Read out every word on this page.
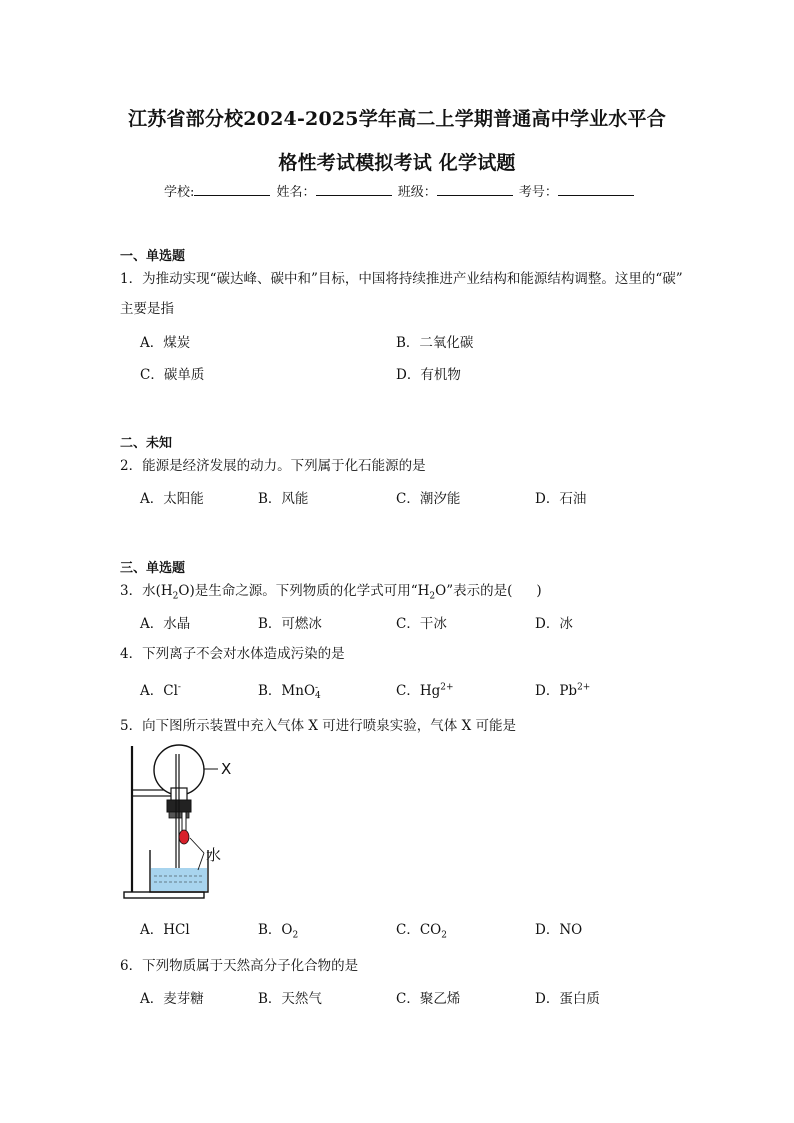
江苏省部分校2024-2025学年高二上学期普通高中学业水平合
格性考试模拟考试 化学试题
学校:	姓名：	班级：	考号：
一、单选题
1．为推动实现“碳达峰、碳中和”目标，中国将持续推进产业结构和能源结构调整。这里的“碳”
主要是指
A．煤炭	B．二氧化碳
C．碳单质	D．有机物
二、未知
2．能源是经济发展的动力。下列属于化石能源的是
A．太阳能	B．风能	C．潮汐能	D．石油
三、单选题
3．水$(H_2O)$是生命之源。下列物质的化学式可用“$H_2O$”表示的是( )
A．水晶	B．可燃冰	C．干冰	D．冰
4．下列离子不会对水体造成污染的是
A．Cl-	B．MnO -
4	C．$Hg^{2+}$	D．$Pb^{2+}$
5．向下图所示装置中充入气体 X 可进行喷泉实验，气体 X 可能是
X
水
A．HCl	B．$O_2$	C．$CO_2$	D．NO
6．下列物质属于天然高分子化合物的是
A．麦芽糖	B．天然气	C．聚乙烯	D．蛋白质
